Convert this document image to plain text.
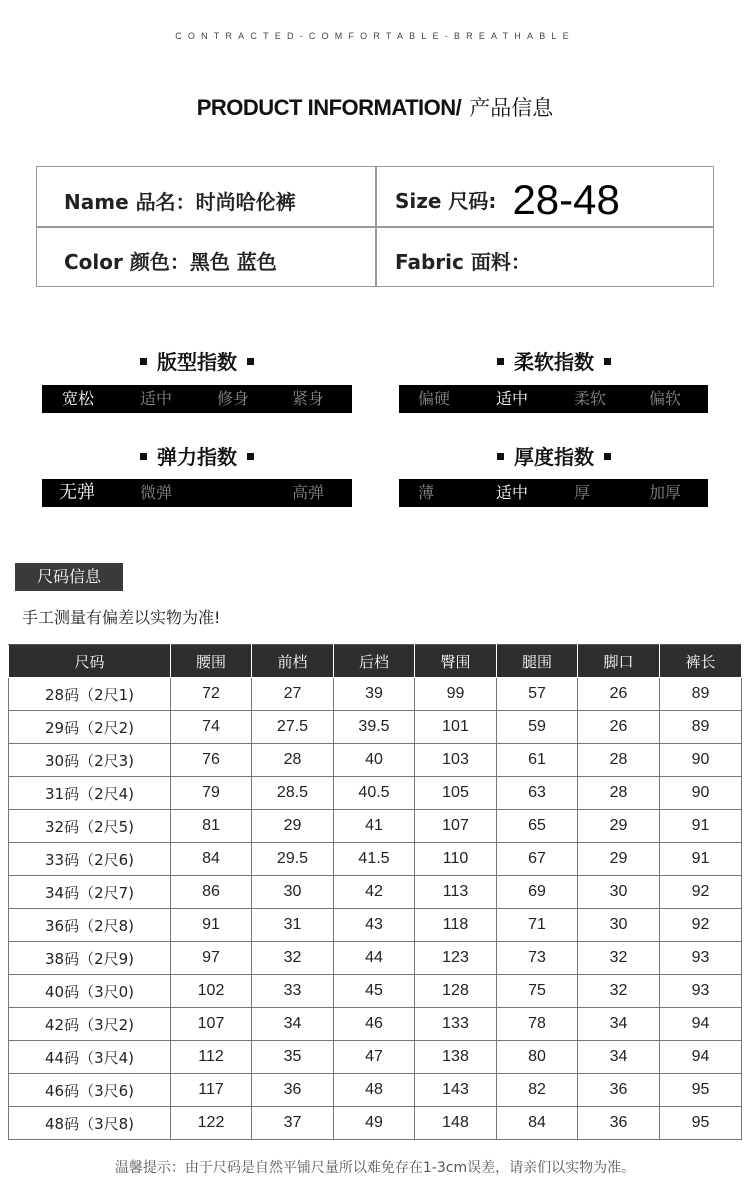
CONTRACTED-COMFORTABLE-BREATHABLE
PRODUCT INFORMATION/ 产品信息
Name 品名：时尚哈伦裤	Size 尺码: 28-48
Color 颜色：黑色 蓝色	Fabric 面料：
版型指数	柔软指数
弹力指数	厚度指数
宽松	适中	修身	紧身	偏硬	适中	柔软	偏软
无弹	微弹	高弹	薄	适中	厚	加厚
尺码信息
手工测量有偏差以实物为准!
尺码	腰围	前档	后档	臀围	腿围	脚口	裤长
28码（2尺1)	72	27	39	99	57	26	89
29码（2尺2)	74	27.5	39.5	101	59	26	89
30码（2尺3)	76	28	40	103	61	28	90
31码（2尺4)	79	28.5	40.5	105	63	28	90
32码（2尺5)	81	29	41	107	65	29	91
33码（2尺6)	84	29.5	41.5	110	67	29	91
34码（2尺7)	86	30	42	113	69	30	92
36码（2尺8)	91	31	43	118	71	30	92
38码（2尺9)	97	32	44	123	73	32	93
40码（3尺0)	102	33	45	128	75	32	93
42码（3尺2)	107	34	46	133	78	34	94
44码（3尺4)	112	35	47	138	80	34	94
46码（3尺6)	117	36	48	143	82	36	95
48码（3尺8)	122	37	49	148	84	36	95
温馨提示：由于尺码是自然平铺尺量所以难免存在1-3cm误差，请亲们以实物为准。
